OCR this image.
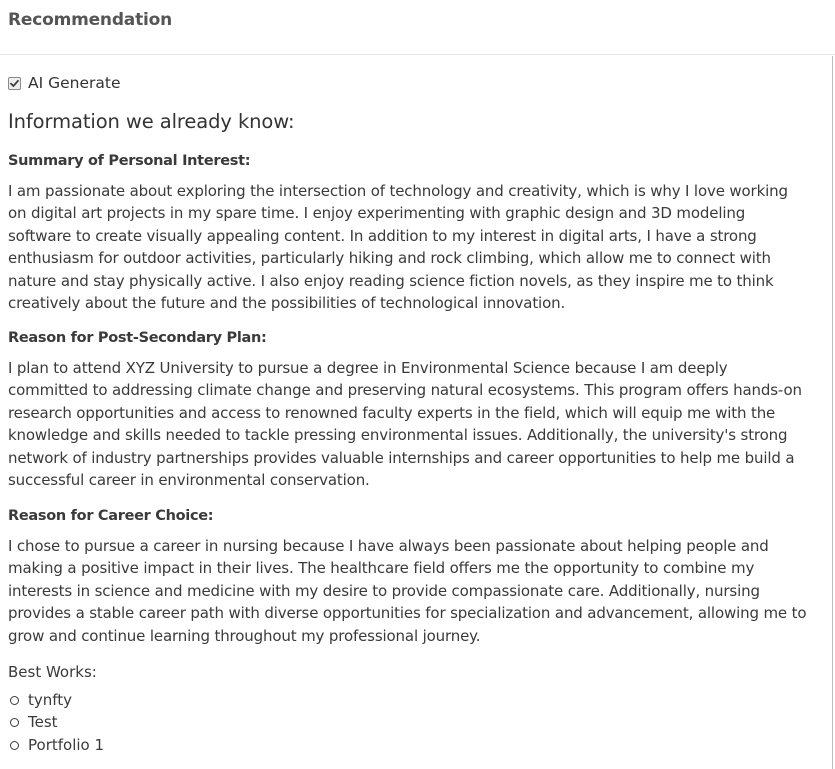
Recommendation
AI Generate
Information we already know:
Summary of Personal Interest:

I am passionate about exploring the intersection of technology and creativity, which is why I love working on digital art projects in my spare time. I enjoy experimenting with graphic design and 3D modeling software to create visually appealing content. In addition to my interest in digital arts, I have a strong enthusiasm for outdoor activities, particularly hiking and rock climbing, which allow me to connect with nature and stay physically active. I also enjoy reading science fiction novels, as they inspire me to think creatively about the future and the possibilities of technological innovation.

Reason for Post-Secondary Plan:

I plan to attend XYZ University to pursue a degree in Environmental Science because I am deeply committed to addressing climate change and preserving natural ecosystems. This program offers hands-on research opportunities and access to renowned faculty experts in the field, which will equip me with the knowledge and skills needed to tackle pressing environmental issues. Additionally, the university's strong network of industry partnerships provides valuable internships and career opportunities to help me build a successful career in environmental conservation.

Reason for Career Choice:

I chose to pursue a career in nursing because I have always been passionate about helping people and making a positive impact in their lives. The healthcare field offers me the opportunity to combine my interests in science and medicine with my desire to provide compassionate care. Additionally, nursing provides a stable career path with diverse opportunities for specialization and advancement, allowing me to grow and continue learning throughout my professional journey.

Best Works:
tynfty
Test
Portfolio 1
